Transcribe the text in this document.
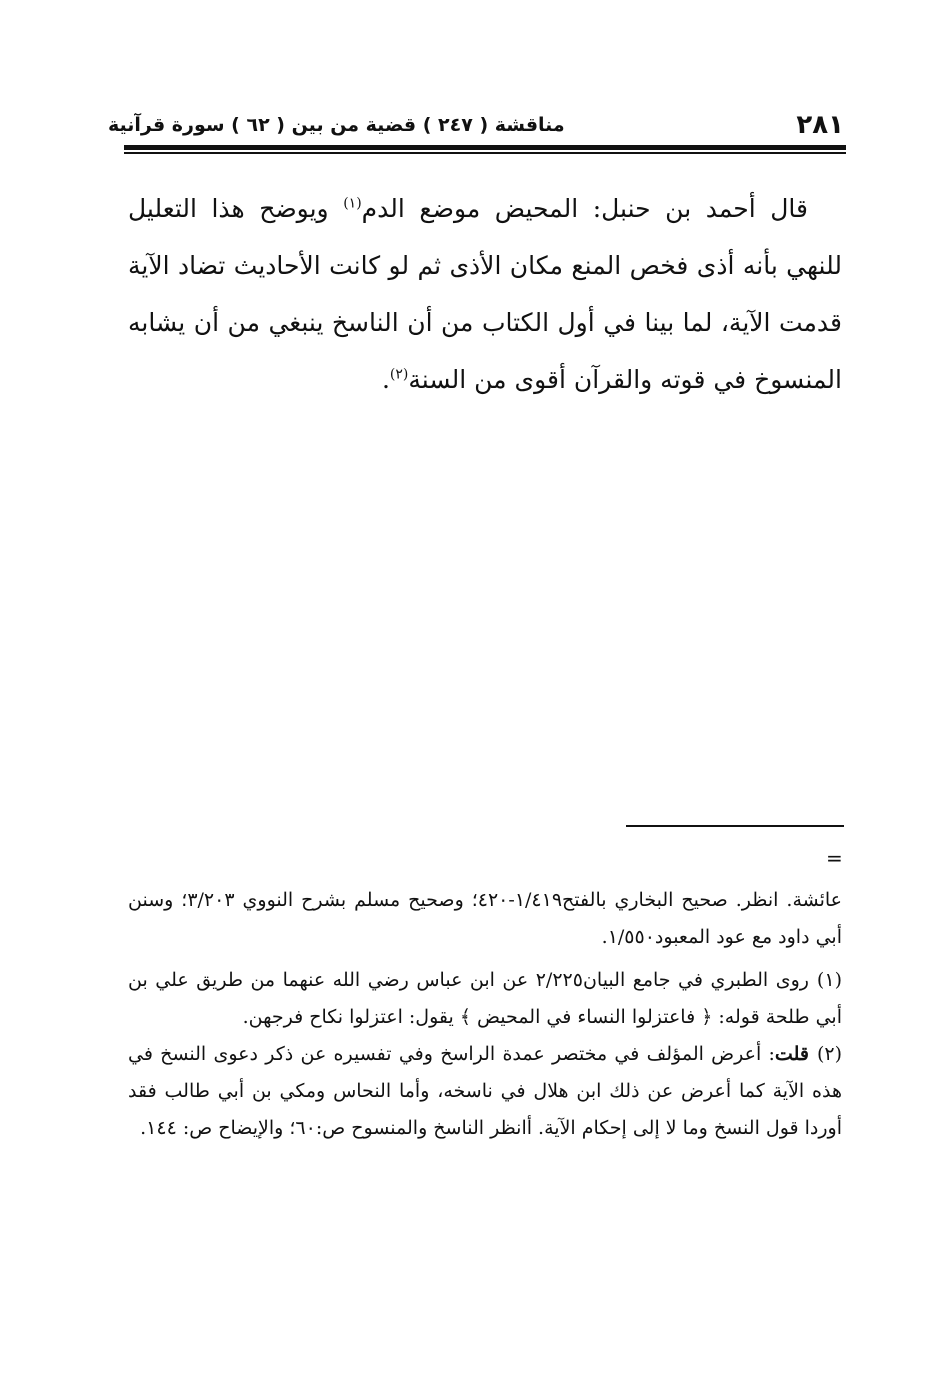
٢٨١
مناقشة ( ٢٤٧ ) قضية من بين ( ٦٢ ) سورة قرآنية

قال أحمد بن حنبل: المحيض موضع الدم$^{(١)}$ ويوضح هذا التعليل للنهي بأنه أذى فخص المنع مكان الأذى ثم لو كانت الأحاديث تضاد الآية قدمت الآية، لما بينا في أول الكتاب من أن الناسخ ينبغي من أن يشابه المنسوخ في قوته والقرآن أقوى من السنة$^{(٢)}$.

=

عائشة. انظر. صحيح البخاري بالفتح١/٤١٩-٤٢٠؛ وصحيح مسلم بشرح النووي ٣/٢٠٣؛ وسنن أبي داود مع عود المعبود١/٥٥٠.

(١)روى الطبري في جامع البيان٢/٢٢٥ عن ابن عباس رضي الله عنهما من طريق علي بن أبي طلحة قوله: ﴿ فاعتزلوا النساء في المحيض ﴾ يقول: اعتزلوا نكاح فرجهن.

(٢)قلت: أعرض المؤلف في مختصر عمدة الراسخ وفي تفسيره عن ذكر دعوى النسخ في هذه الآية كما أعرض عن ذلك ابن هلال في ناسخه، وأما النحاس ومكي بن أبي طالب فقد أوردا قول النسخ وما لا إلى إحكام الآية. أانظر الناسخ والمنسوح ص:٦٠؛ والإيضاح ص: ١٤٤.
